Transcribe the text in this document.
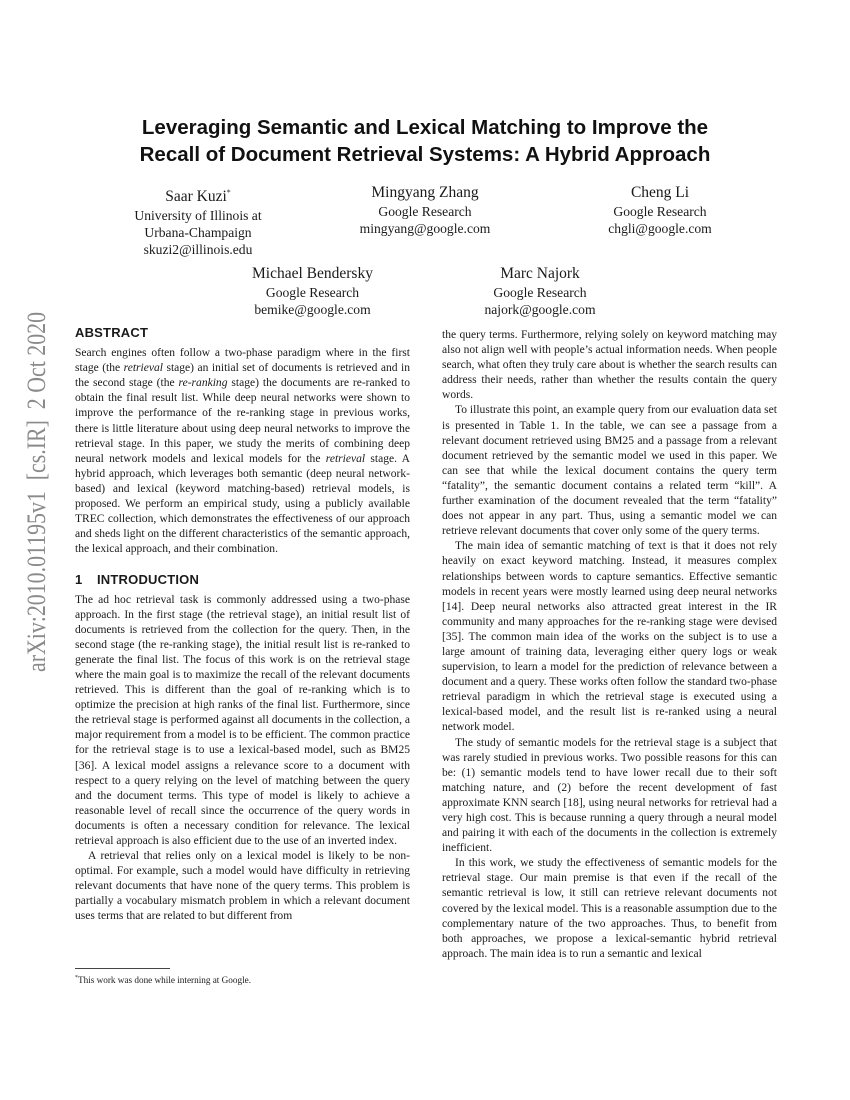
arXiv:2010.01195v1  [cs.IR]  2 Oct 2020
Leveraging Semantic and Lexical Matching to Improve the
Recall of Document Retrieval Systems: A Hybrid Approach
Saar Kuzi*
University of Illinois at
Urbana-Champaign
skuzi2@illinois.edu
Mingyang Zhang
Google Research
mingyang@google.com
Cheng Li
Google Research
chgli@google.com
Michael Bendersky
Google Research
bemike@google.com
Marc Najork
Google Research
najork@google.com
ABSTRACT

Search engines often follow a two-phase paradigm where in the first stage (the retrieval stage) an initial set of documents is retrieved and in the second stage (the re-ranking stage) the documents are re-ranked to obtain the final result list. While deep neural networks were shown to improve the performance of the re-ranking stage in previous works, there is little literature about using deep neural networks to improve the retrieval stage. In this paper, we study the merits of combining deep neural network models and lexical models for the retrieval stage. A hybrid approach, which leverages both semantic (deep neural network-based) and lexical (keyword matching-based) retrieval models, is proposed. We perform an empirical study, using a publicly available TREC collection, which demonstrates the effectiveness of our approach and sheds light on the different characteristics of the semantic approach, the lexical approach, and their combination.

1 INTRODUCTION

The ad hoc retrieval task is commonly addressed using a two-phase approach. In the first stage (the retrieval stage), an initial result list of documents is retrieved from the collection for the query. Then, in the second stage (the re-ranking stage), the initial result list is re-ranked to generate the final list. The focus of this work is on the retrieval stage where the main goal is to maximize the recall of the relevant documents retrieved. This is different than the goal of re-ranking which is to optimize the precision at high ranks of the final list. Furthermore, since the retrieval stage is performed against all documents in the collection, a major requirement from a model is to be efficient. The common practice for the retrieval stage is to use a lexical-based model, such as BM25 [36]. A lexical model assigns a relevance score to a document with respect to a query relying on the level of matching between the query and the document terms. This type of model is likely to achieve a reasonable level of recall since the occurrence of the query words in documents is often a necessary condition for relevance. The lexical retrieval approach is also efficient due to the use of an inverted index.

A retrieval that relies only on a lexical model is likely to be non-optimal. For example, such a model would have difficulty in retrieving relevant documents that have none of the query terms. This problem is partially a vocabulary mismatch problem in which a relevant document uses terms that are related to but different from

*This work was done while interning at Google.

the query terms. Furthermore, relying solely on keyword matching may also not align well with people’s actual information needs. When people search, what often they truly care about is whether the search results can address their needs, rather than whether the results contain the query words.

To illustrate this point, an example query from our evaluation data set is presented in Table 1. In the table, we can see a passage from a relevant document retrieved using BM25 and a passage from a relevant document retrieved by the semantic model we used in this paper. We can see that while the lexical document contains the query term “fatality”, the semantic document contains a related term “kill”. A further examination of the document revealed that the term “fatality” does not appear in any part. Thus, using a semantic model we can retrieve relevant documents that cover only some of the query terms.

The main idea of semantic matching of text is that it does not rely heavily on exact keyword matching. Instead, it measures complex relationships between words to capture semantics. Effective semantic models in recent years were mostly learned using deep neural networks [14]. Deep neural networks also attracted great interest in the IR community and many approaches for the re-ranking stage were devised [35]. The common main idea of the works on the subject is to use a large amount of training data, leveraging either query logs or weak supervision, to learn a model for the prediction of relevance between a document and a query. These works often follow the standard two-phase retrieval paradigm in which the retrieval stage is executed using a lexical-based model, and the result list is re-ranked using a neural network model.

The study of semantic models for the retrieval stage is a subject that was rarely studied in previous works. Two possible reasons for this can be: (1) semantic models tend to have lower recall due to their soft matching nature, and (2) before the recent development of fast approximate KNN search [18], using neural networks for retrieval had a very high cost. This is because running a query through a neural model and pairing it with each of the documents in the collection is extremely inefficient.

In this work, we study the effectiveness of semantic models for the retrieval stage. Our main premise is that even if the recall of the semantic retrieval is low, it still can retrieve relevant documents not covered by the lexical model. This is a reasonable assumption due to the complementary nature of the two approaches. Thus, to benefit from both approaches, we propose a lexical-semantic hybrid retrieval approach. The main idea is to run a semantic and lexical
